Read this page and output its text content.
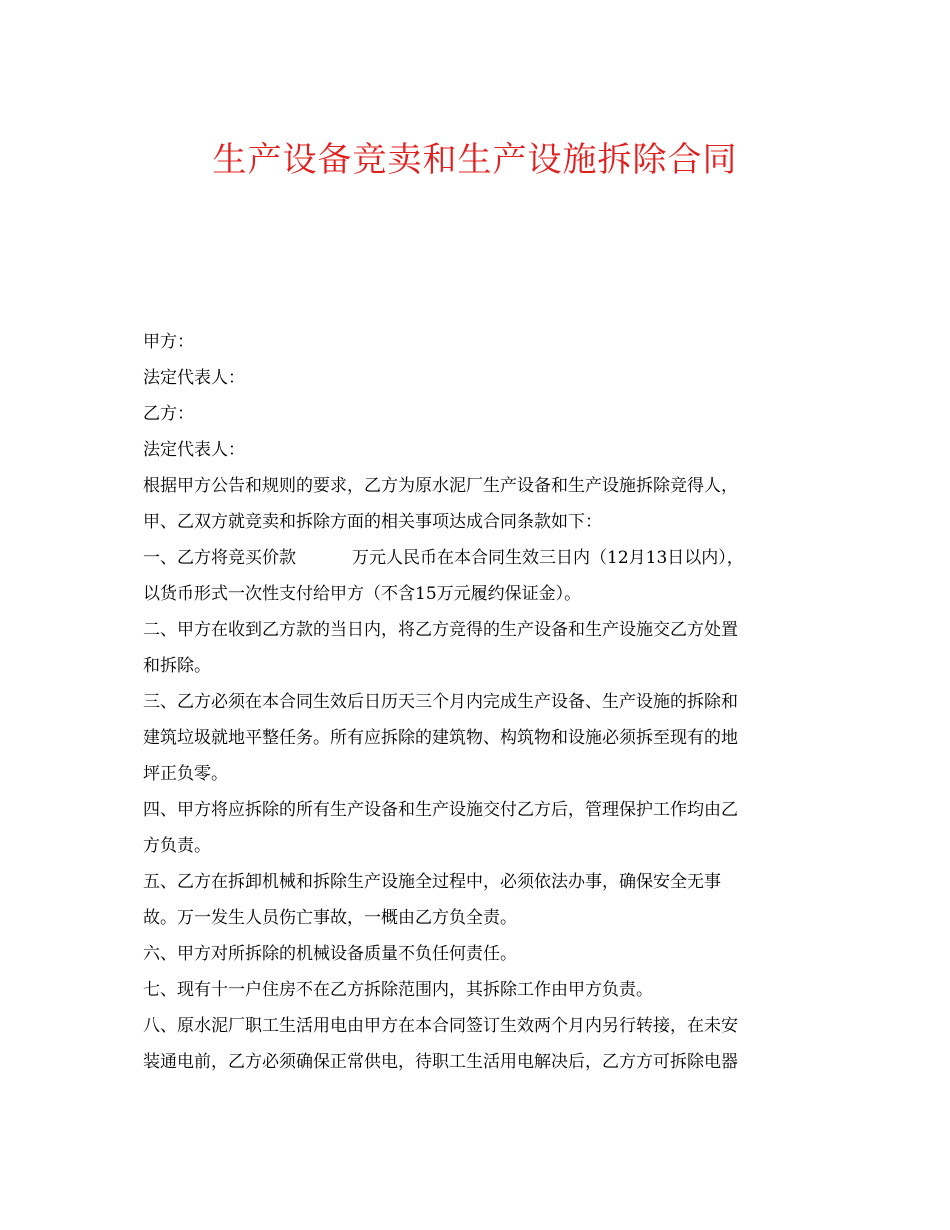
生产设备竞卖和生产设施拆除合同
甲方：
法定代表人：
乙方：
法定代表人：
根据甲方公告和规则的要求，乙方为原水泥厂生产设备和生产设施拆除竞得人，
甲、乙双方就竞卖和拆除方面的相关事项达成合同条款如下：
一、乙方将竞买价款	万元人民币在本合同生效三日内（12月13日以内），
以货币形式一次性支付给甲方（不含15万元履约保证金）。
二、甲方在收到乙方款的当日内，将乙方竞得的生产设备和生产设施交乙方处置
和拆除。
三、乙方必须在本合同生效后日历天三个月内完成生产设备、生产设施的拆除和
建筑垃圾就地平整任务。所有应拆除的建筑物、构筑物和设施必须拆至现有的地
坪正负零。
四、甲方将应拆除的所有生产设备和生产设施交付乙方后，管理保护工作均由乙
方负责。
五、乙方在拆卸机械和拆除生产设施全过程中，必须依法办事，确保安全无事
故。万一发生人员伤亡事故，一概由乙方负全责。
六、甲方对所拆除的机械设备质量不负任何责任。
七、现有十一户住房不在乙方拆除范围内，其拆除工作由甲方负责。
八、原水泥厂职工生活用电由甲方在本合同签订生效两个月内另行转接，在未安
装通电前，乙方必须确保正常供电，待职工生活用电解决后，乙方方可拆除电器
